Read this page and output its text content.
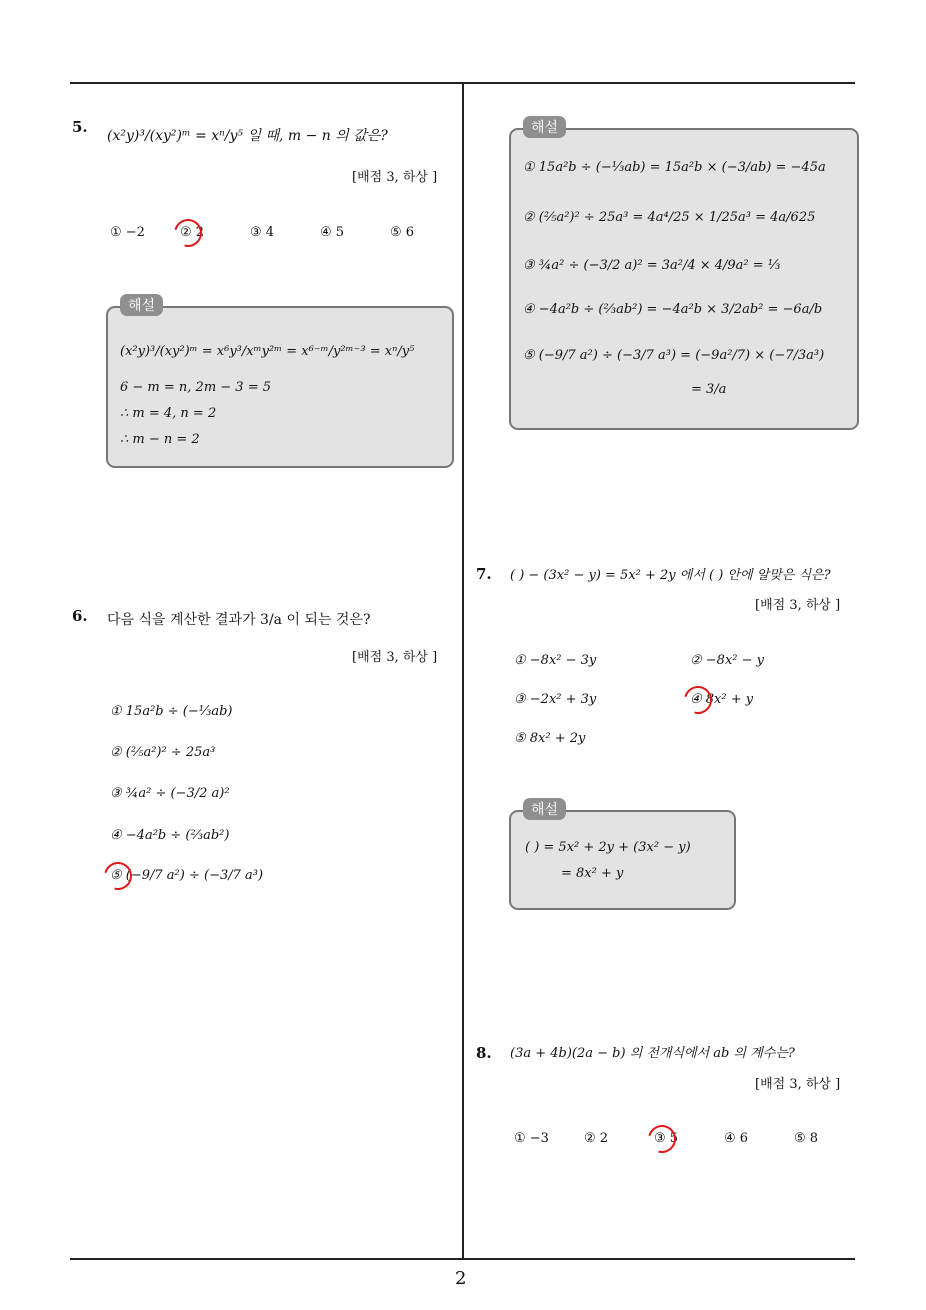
2
5. (x²y)³/(xy²)ᵐ = xⁿ/y⁵ 일 때, m − n 의 값은?
[배점 3, 하상 ]
① −2	② 2	③ 4	④ 5	⑤ 6
해설
(x²y)³/(xy²)ᵐ = x⁶y³/xᵐy²ᵐ = x⁶⁻ᵐ/y²ᵐ⁻³ = xⁿ/y⁵
6 − m = n, 2m − 3 = 5
∴ m = 4, n = 2
∴ m − n = 2
6. 다음 식을 계산한 결과가 3/a 이 되는 것은?
[배점 3, 하상 ]
① 15a²b ÷ (−⅓ab)
② (⅖a²)² ÷ 25a³
③ ¾a² ÷ (−3/2 a)²
④ −4a²b ÷ (⅔ab²)
⑤ (−9/7 a²) ÷ (−3/7 a³)
해설
① 15a²b ÷ (−⅓ab) = 15a²b × (−3/ab) = −45a
② (⅖a²)² ÷ 25a³ = 4a⁴/25 × 1/25a³ = 4a/625
③ ¾a² ÷ (−3/2 a)² = 3a²/4 × 4/9a² = ⅓
④ −4a²b ÷ (⅔ab²) = −4a²b × 3/2ab² = −6a/b
⑤ (−9/7 a²) ÷ (−3/7 a³) = (−9a²/7) × (−7/3a³)
= 3/a
7. ( ) − (3x² − y) = 5x² + 2y 에서 ( ) 안에 알맞은 식은?
[배점 3, 하상 ]
① −8x² − 3y	② −8x² − y
③ −2x² + 3y	④ 8x² + y
⑤ 8x² + 2y
해설
( ) = 5x² + 2y + (3x² − y)
= 8x² + y
8. (3a + 4b)(2a − b) 의 전개식에서 ab 의 계수는?
[배점 3, 하상 ]
① −3	② 2	③ 5	④ 6	⑤ 8
